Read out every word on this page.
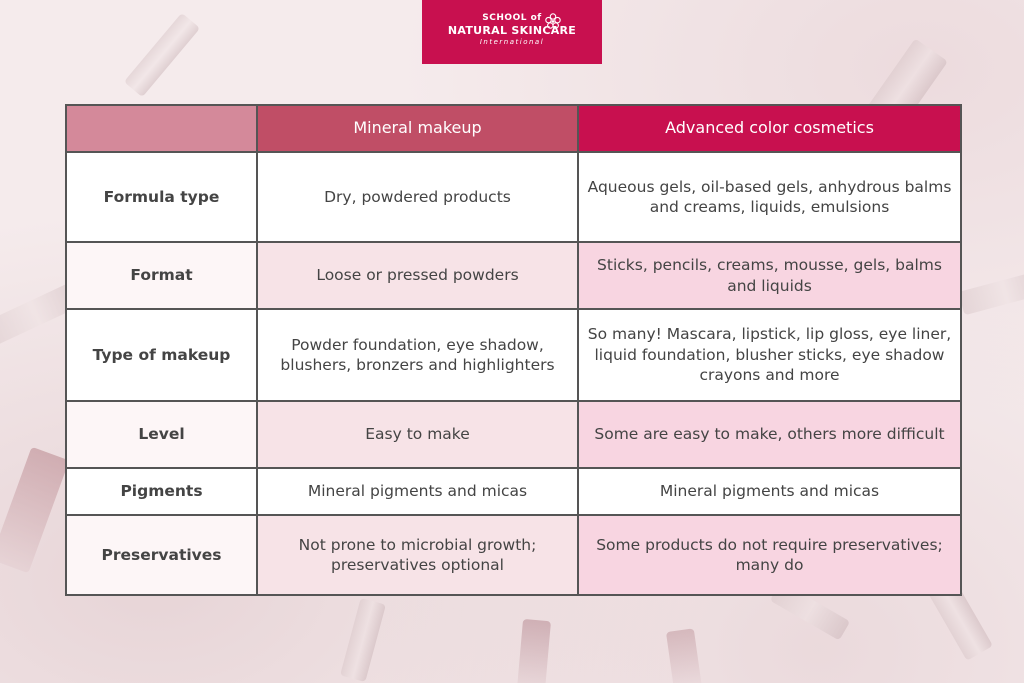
SCHOOL of
NATURAL SKINCARE
International
	Mineral makeup	Advanced color cosmetics
Formula type	Dry, powdered products	Aqueous gels, oil-based gels, anhydrous balms and creams, liquids, emulsions
Format	Loose or pressed powders	Sticks, pencils, creams, mousse, gels, balms and liquids
Type of makeup	Powder foundation, eye shadow, blushers, bronzers and highlighters	So many! Mascara, lipstick, lip gloss, eye liner, liquid foundation, blusher sticks, eye shadow crayons and more
Level	Easy to make	Some are easy to make, others more difficult
Pigments	Mineral pigments and micas	Mineral pigments and micas
Preservatives	Not prone to microbial growth; preservatives optional	Some products do not require preservatives; many do
